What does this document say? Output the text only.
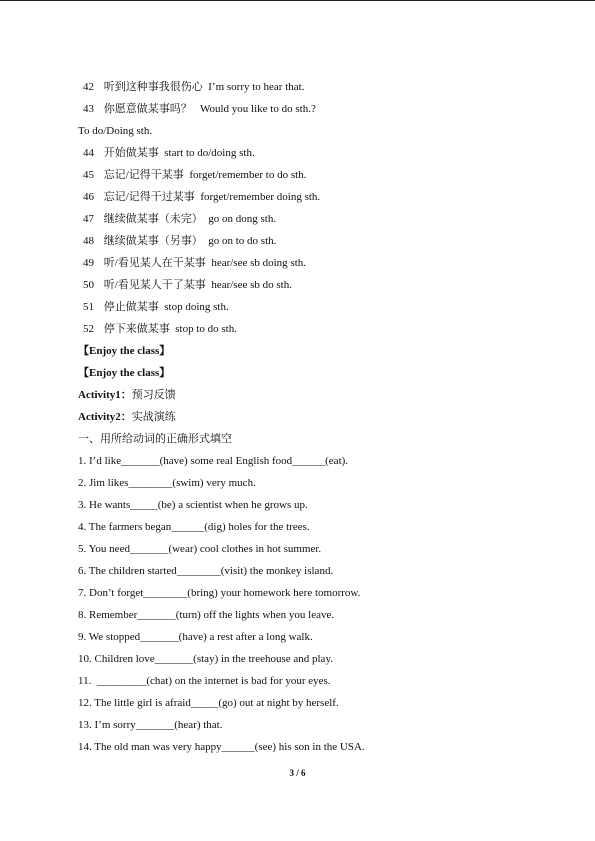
42 听到这种事我很伤心 I’m sorry to hear that.
43 你愿意做某事吗？ Would you like to do sth.?
To do/Doing sth.
44 开始做某事 start to do/doing sth.
45 忘记/记得干某事 forget/remember to do sth.
46 忘记/记得干过某事 forget/remember doing sth.
47 继续做某事（未完） go on dong sth.
48 继续做某事（另事） go on to do sth.
49 听/看见某人在干某事 hear/see sb doing sth.
50 听/看见某人干了某事 hear/see sb do sth.
51 停止做某事 stop doing sth.
52 停下来做某事 stop to do sth.
【Enjoy the class】
【Enjoy the class】
Activity1：预习反馈
Activity2：实战演练
一、用所给动词的正确形式填空
1. I’d like_______(have) some real English food______(eat).
2. Jim likes________(swim) very much.
3. He wants_____(be) a scientist when he grows up.
4. The farmers began______(dig) holes for the trees.
5. You need_______(wear) cool clothes in hot summer.
6. The children started________(visit) the monkey island.
7. Don’t forget________(bring) your homework here tomorrow.
8. Remember_______(turn) off the lights when you leave.
9. We stopped_______(have) a rest after a long walk.
10. Children love_______(stay) in the treehouse and play.
11.  _________(chat) on the internet is bad for your eyes.
12. The little girl is afraid_____(go) out at night by herself.
13. I’m sorry_______(hear) that.
14. The old man was very happy______(see) his son in the USA.
3 / 6
